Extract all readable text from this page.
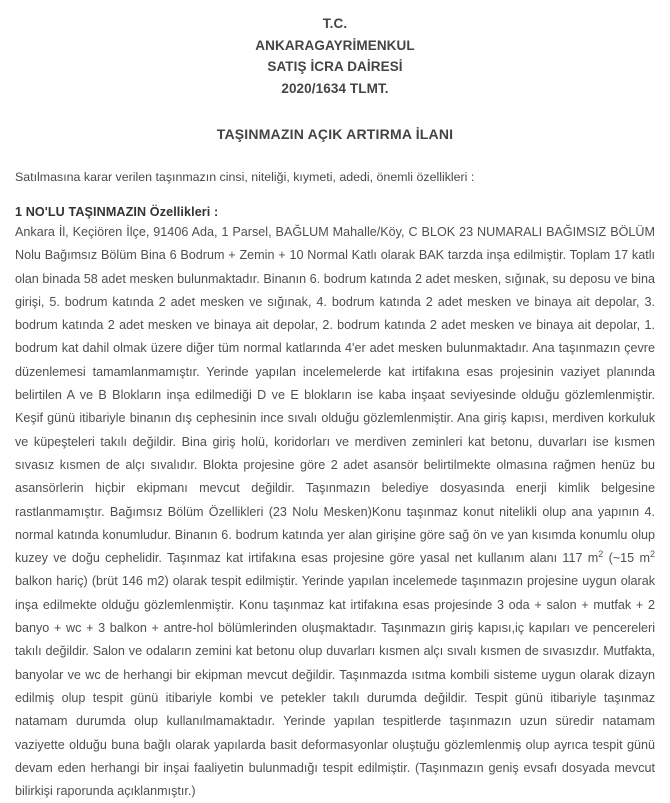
T.C.
ANKARAGAYRİMENKUL
SATIŞ İCRA DAİRESİ
2020/1634 TLMT.
TAŞINMAZIN AÇIK ARTIRMA İLANI

Satılmasına karar verilen taşınmazın cinsi, niteliği, kıymeti, adedi, önemli özellikleri :

1 NO'LU TAŞINMAZIN Özellikleri :

Ankara İl, Keçiören İlçe, 91406 Ada, 1 Parsel, BAĞLUM Mahalle/Köy, C BLOK 23 NUMARALI BAĞIMSIZ BÖLÜM Nolu Bağımsız Bölüm Bina 6 Bodrum + Zemin + 10 Normal Katlı olarak BAK tarzda inşa edilmiştir. Toplam 17 katlı olan binada 58 adet mesken bulunmaktadır. Binanın 6. bodrum katında 2 adet mesken, sığınak, su deposu ve bina girişi, 5. bodrum katında 2 adet mesken ve sığınak, 4. bodrum katında 2 adet mesken ve binaya ait depolar, 3. bodrum katında 2 adet mesken ve binaya ait depolar, 2. bodrum katında 2 adet mesken ve binaya ait depolar, 1. bodrum kat dahil olmak üzere diğer tüm normal katlarında 4'er adet mesken bulunmaktadır. Ana taşınmazın çevre düzenlemesi tamamlanmamıştır. Yerinde yapılan incelemelerde kat irtifakına esas projesinin vaziyet planında belirtilen A ve B Blokların inşa edilmediği D ve E blokların ise kaba inşaat seviyesinde olduğu gözlemlenmiştir. Keşif günü itibariyle binanın dış cephesinin ince sıvalı olduğu gözlemlenmiştir. Ana giriş kapısı, merdiven korkuluk ve küpeşteleri takılı değildir. Bina giriş holü, koridorları ve merdiven zeminleri kat betonu, duvarları ise kısmen sıvasız kısmen de alçı sıvalıdır. Blokta projesine göre 2 adet asansör belirtilmekte olmasına rağmen henüz bu asansörlerin hiçbir ekipmanı mevcut değildir. Taşınmazın belediye dosyasında enerji kimlik belgesine rastlanmamıştır. Bağımsız Bölüm Özellikleri (23 Nolu Mesken)Konu taşınmaz konut nitelikli olup ana yapının 4. normal katında konumludur. Binanın 6. bodrum katında yer alan girişine göre sağ ön ve yan kısımda konumlu olup kuzey ve doğu cephelidir. Taşınmaz kat irtifakına esas projesine göre yasal net kullanım alanı 117 $m^2$ (~15 $m^2$ balkon hariç) (brüt 146 m2) olarak tespit edilmiştir. Yerinde yapılan incelemede taşınmazın projesine uygun olarak inşa edilmekte olduğu gözlemlenmiştir. Konu taşınmaz kat irtifakına esas projesinde 3 oda + salon + mutfak + 2 banyo + wc + 3 balkon + antre-hol bölümlerinden oluşmaktadır. Taşınmazın giriş kapısı,iç kapıları ve pencereleri takılı değildir. Salon ve odaların zemini kat betonu olup duvarları kısmen alçı sıvalı kısmen de sıvasızdır. Mutfakta, banyolar ve wc de herhangi bir ekipman mevcut değildir. Taşınmazda ısıtma kombili sisteme uygun olarak dizayn edilmiş olup tespit günü itibariyle kombi ve petekler takılı durumda değildir. Tespit günü itibariyle taşınmaz natamam durumda olup kullanılmamaktadır. Yerinde yapılan tespitlerde taşınmazın uzun süredir natamam vaziyette olduğu buna bağlı olarak yapılarda basit deformasyonlar oluştuğu gözlemlenmiş olup ayrıca tespit günü devam eden herhangi bir inşai faaliyetin bulunmadığı tespit edilmiştir. (Taşınmazın geniş evsafı dosyada mevcut bilirkişi raporunda açıklanmıştır.)
